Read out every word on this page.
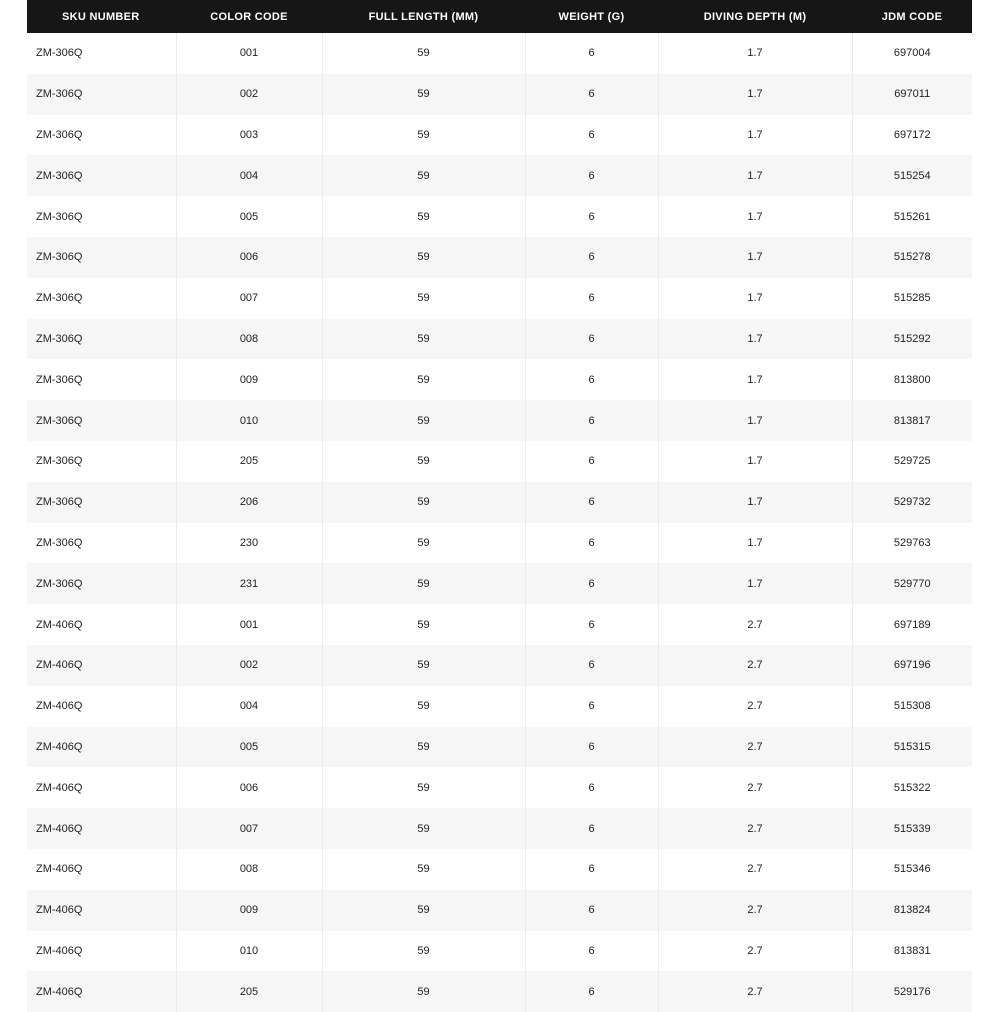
SKU NUMBER	COLOR CODE	FULL LENGTH (MM)	WEIGHT (G)	DIVING DEPTH (M)	JDM CODE
ZM-306Q	001	59	6	1.7	697004
ZM-306Q	002	59	6	1.7	697011
ZM-306Q	003	59	6	1.7	697172
ZM-306Q	004	59	6	1.7	515254
ZM-306Q	005	59	6	1.7	515261
ZM-306Q	006	59	6	1.7	515278
ZM-306Q	007	59	6	1.7	515285
ZM-306Q	008	59	6	1.7	515292
ZM-306Q	009	59	6	1.7	813800
ZM-306Q	010	59	6	1.7	813817
ZM-306Q	205	59	6	1.7	529725
ZM-306Q	206	59	6	1.7	529732
ZM-306Q	230	59	6	1.7	529763
ZM-306Q	231	59	6	1.7	529770
ZM-406Q	001	59	6	2.7	697189
ZM-406Q	002	59	6	2.7	697196
ZM-406Q	004	59	6	2.7	515308
ZM-406Q	005	59	6	2.7	515315
ZM-406Q	006	59	6	2.7	515322
ZM-406Q	007	59	6	2.7	515339
ZM-406Q	008	59	6	2.7	515346
ZM-406Q	009	59	6	2.7	813824
ZM-406Q	010	59	6	2.7	813831
ZM-406Q	205	59	6	2.7	529176
